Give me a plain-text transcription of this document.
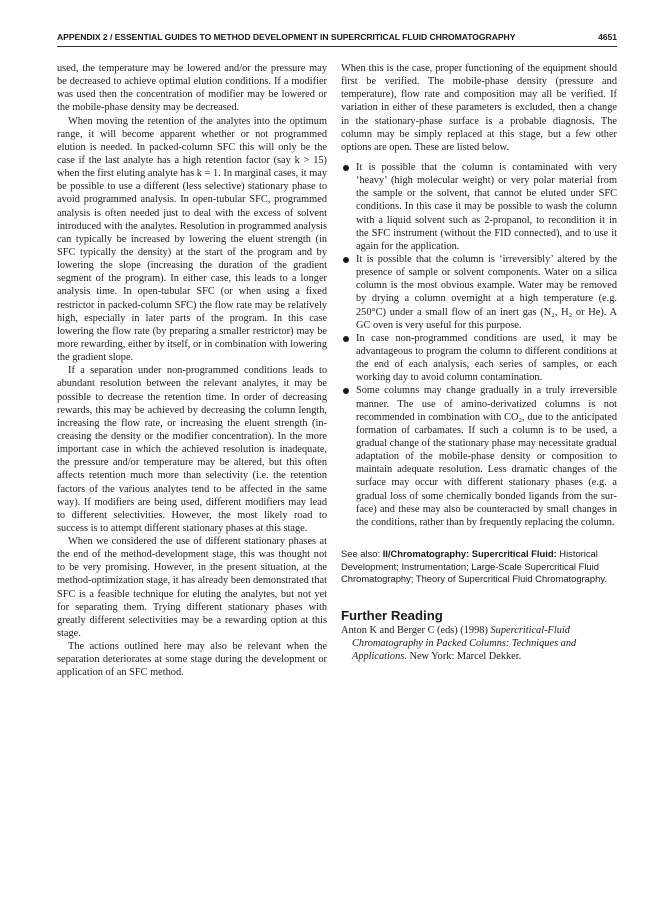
APPENDIX 2 / ESSENTIAL GUIDES TO METHOD DEVELOPMENT IN SUPERCRITICAL FLUID CHROMATOGRAPHY	4651

used, the temperature may be lowered and/or the pressure may be decreased to achieve optimal elution conditions. If a modifier was used then the concentration of modifier may be lowered or the mobile-phase density may be decreased.

When moving the retention of the analytes into the optimum range, it will become apparent whether or not programmed elution is needed. In packed-column SFC this will only be the case if the last analyte has a high retention factor (say k > 15) when the first eluting analyte has k = 1. In marginal cases, it may be possible to use a different (less selective) stationary phase to avoid programmed analysis. In open-tubular SFC, programmed analysis is often needed just to deal with the excess of solvent introduced with the analytes. Resolution in programmed analysis can typically be increased by lowering the eluent strength (in SFC typically the density) at the start of the program and by lowering the slope (increasing the duration of the gradient segment of the program). In either case, this leads to a longer analysis time. In open-tubular SFC (or when using a fixed restrictor in packed-column SFC) the flow rate may be relatively high, especially in later parts of the program. In this case lowering the flow rate (by preparing a smaller restrictor) may be more rewarding, either by itself, or in combination with lowering the gradient slope.

If a separation under non-programmed conditions leads to abundant resolution between the relevant analytes, it may be possible to decrease the retention time. In order of decreasing rewards, this may be achieved by decreasing the column length, increasing the flow rate, or increasing the eluent strength (increasing the density or the modifier concentration). In the more important case in which the achieved resolution is inadequate, the pressure and/or temperature may be altered, but this often affects retention much more than selectivity (i.e. the retention factors of the various analytes tend to be affected in the same way). If modifiers are being used, different modifiers may lead to different selectivities. However, the most likely road to success is to attempt different stationary phases at this stage.

When we considered the use of different stationary phases at the end of the method-development stage, this was thought not to be very promising. However, in the present situation, at the method-optimization stage, it has already been demonstrated that SFC is a feasible technique for eluting the analytes, but not yet for separating them. Trying different stationary phases with greatly different selectivities may be a rewarding option at this stage.

The actions outlined here may also be relevant when the separation deteriorates at some stage during the development or application of an SFC method.

When this is the case, proper functioning of the equipment should first be verified. The mobile-phase density (pressure and temperature), flow rate and composition may all be verified. If variation in either of these parameters is excluded, then a change in the stationary-phase surface is a probable diagnosis. The column may be simply replaced at this stage, but a few other options are open. These are listed below.

It is possible that the column is contaminated with very ‘heavy’ (high molecular weight) or very polar material from the sample or the solvent, that cannot be eluted under SFC conditions. In this case it may be possible to wash the column with a liquid solvent such as 2-propanol, to recondition it in the SFC instrument (without the FID connected), and to use it again for the application.
It is possible that the column is ‘irreversibly’ altered by the presence of sample or solvent components. Water on a silica column is the most obvious example. Water may be removed by drying a column overnight at a high temperature (e.g. 250°C) under a small flow of an inert gas (N₂, H₂ or He). A GC oven is very useful for this purpose.
In case non-programmed conditions are used, it may be advantageous to program the column to different conditions at the end of each analysis, each series of samples, or each working day to avoid column contamination.
Some columns may change gradually in a truly irreversible manner. The use of amino-derivatized columns is not recommended in combination with CO₂, due to the anticipated formation of carbamates. If such a column is to be used, a gradual change of the stationary phase may necessitate gradual adaptation of the mobile-phase density or composition to maintain adequate resolution. Less dramatic changes of the surface may occur with different stationary phases (e.g. a gradual loss of some chemically bonded ligands from the surface) and these may also be counteracted by small changes in the conditions, rather than by frequently replacing the column.
See also: II/Chromatography: Supercritical Fluid: Historical Development; Instrumentation; Large-Scale Supercritical Fluid Chromatography; Theory of Supercritical Fluid Chromatography.
Further Reading

Anton K and Berger C (eds) (1998) Supercritical-Fluid Chromatography in Packed Columns: Techniques and Applications. New York: Marcel Dekker.
